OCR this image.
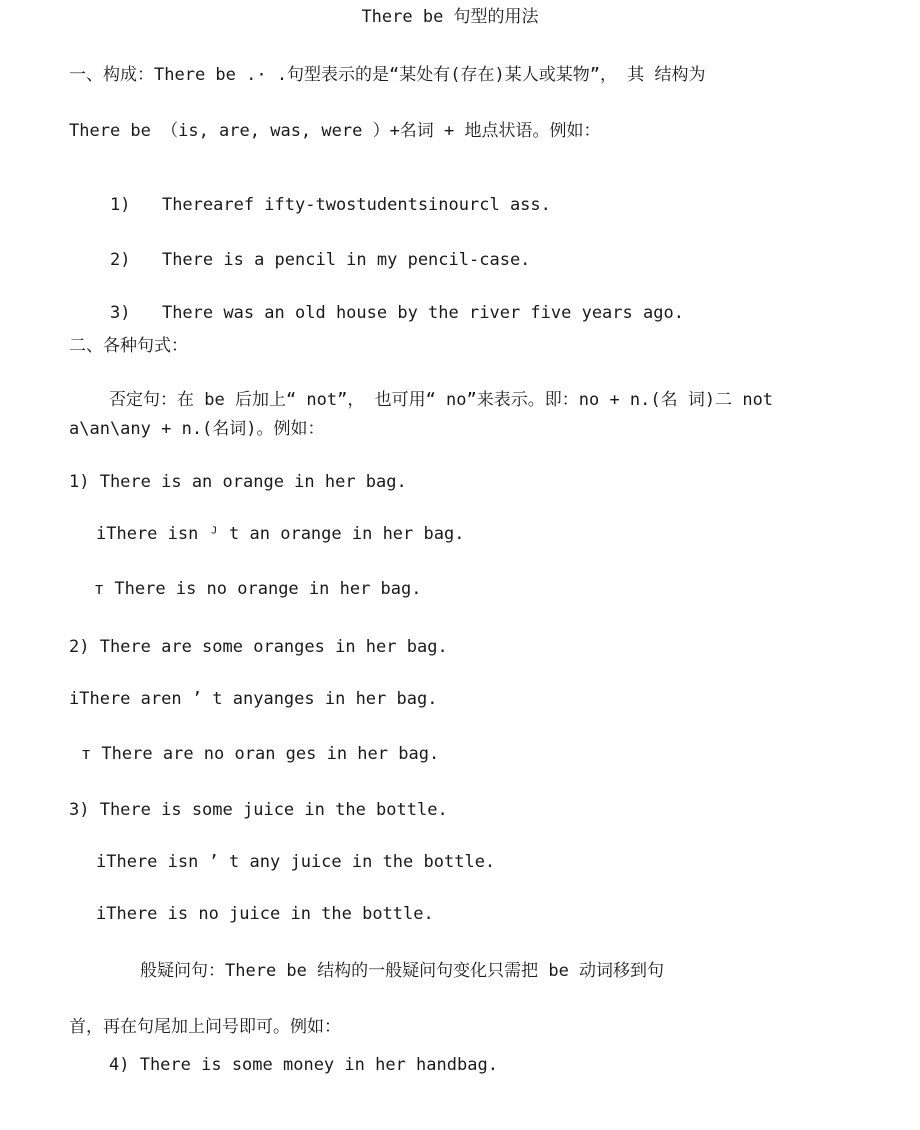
There be 句型的用法
一、构成：There be .· .句型表示的是“某处有(存在)某人或某物”， 其 结构为
There be （is, are, was, were ）+名词 + 地点状语。例如：

1) Therearef ifty-twostudentsinourcl ass.

2) There is a pencil in my pencil-case.

3) There was an old house by the river five years ago.

二、各种句式：
否定句：在 be 后加上“ not”， 也可用“ no”来表示。即：no + n.(名 词)二 not a\an\any + n.(名词)。例如：
1) There is an orange in her bag.
iThere isn ᴶ t an orange in her bag.
ᴛ There is no orange in her bag.
2) There are some oranges in her bag.
iThere aren ’ t anyanges in her bag.
ᴛ There are no oran ges in her bag.
3) There is some juice in the bottle.
iThere isn ’ t any juice in the bottle.
iThere is no juice in the bottle.
般疑问句：There be 结构的一般疑问句变化只需把 be 动词移到句
首，再在句尾加上问号即可。例如：
4) There is some money in her handbag.
